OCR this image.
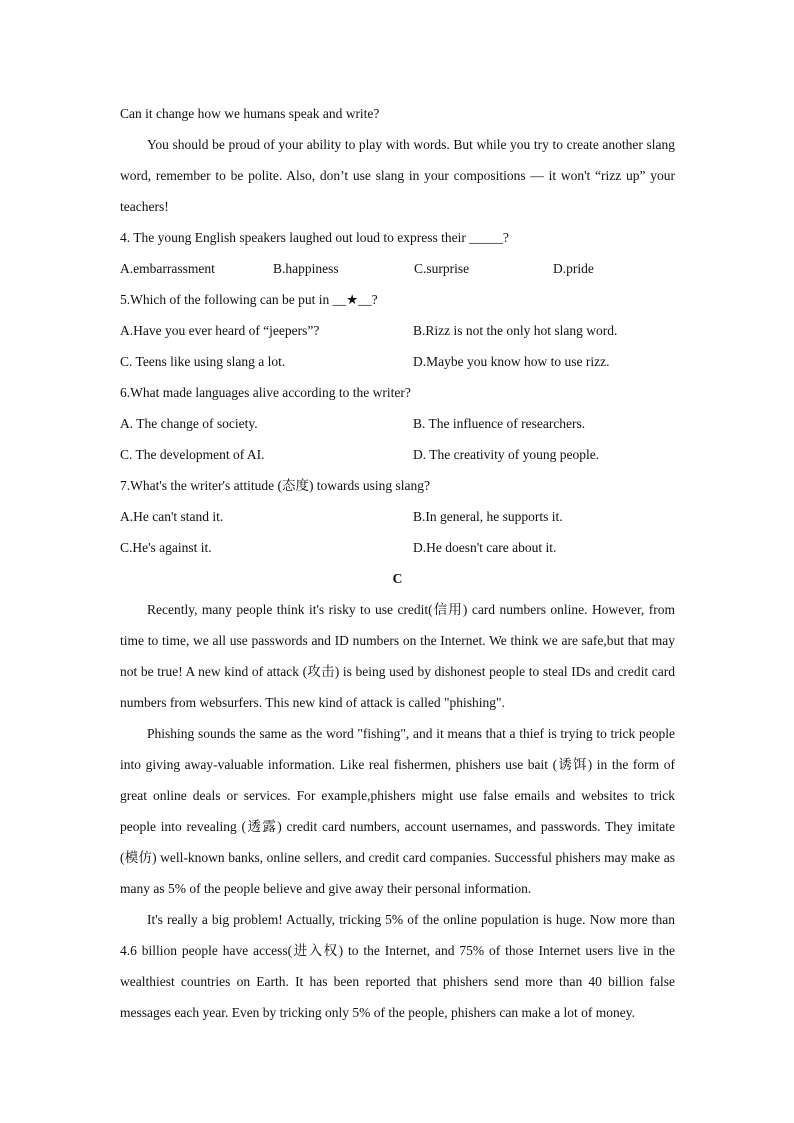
Can it change how we humans speak and write?

You should be proud of your ability to play with words. But while you try to create another slang word, remember to be polite. Also, don’t use slang in your compositions — it won't “rizz up” your teachers!

4. The young English speakers laughed out loud to express their _____?
A.embarrassment	B.happiness	C.surprise	D.pride
5.Which of the following can be put in __★__?
A.Have you ever heard of “jeepers”?	B.Rizz is not the only hot slang word.
C. Teens like using slang a lot.	D.Maybe you know how to use rizz.
6.What made languages alive according to the writer?
A. The change of society.	B. The influence of researchers.
C. The development of AI.	D. The creativity of young people.
7.What's the writer's attitude (态度) towards using slang?
A.He can't stand it.	B.In general, he supports it.
C.He's against it.	D.He doesn't care about it.
C

Recently, many people think it's risky to use credit(信用) card numbers online. However, from time to time, we all use passwords and ID numbers on the Internet. We think we are safe,but that may not be true! A new kind of attack (攻击) is being used by dishonest people to steal IDs and credit card numbers from websurfers. This new kind of attack is called "phishing".

Phishing sounds the same as the word "fishing", and it means that a thief is trying to trick people into giving away-valuable information. Like real fishermen, phishers use bait (诱饵) in the form of great online deals or services. For example,phishers might use false emails and websites to trick people into revealing (透露) credit card numbers, account usernames, and passwords. They imitate (模仿) well-known banks, online sellers, and credit card companies. Successful phishers may make as many as 5% of the people believe and give away their personal information.

It's really a big problem! Actually, tricking 5% of the online population is huge. Now more than 4.6 billion people have access(进入权) to the Internet, and 75% of those Internet users live in the wealthiest countries on Earth. It has been reported that phishers send more than 40 billion false messages each year. Even by tricking only 5% of the people, phishers can make a lot of money.
